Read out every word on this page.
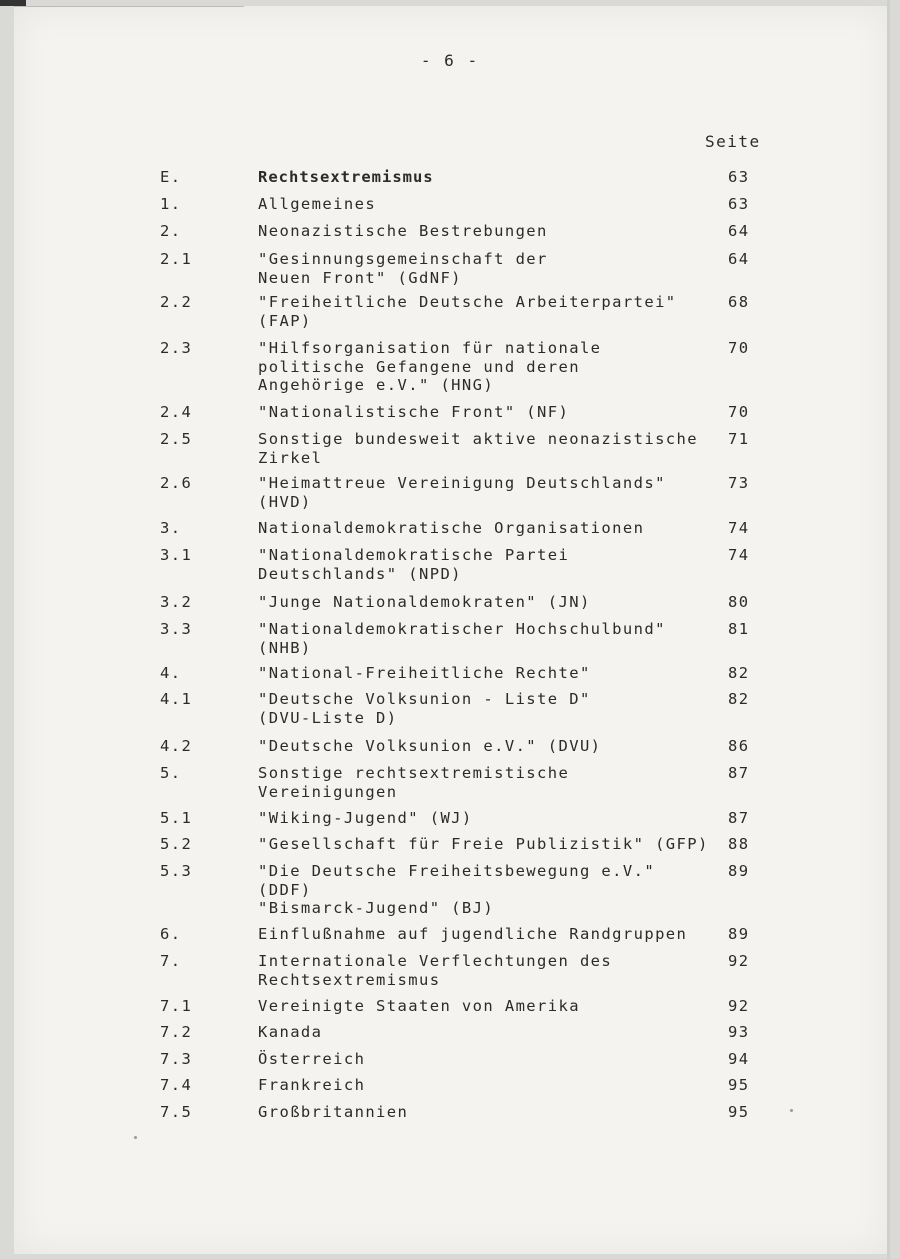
- 6 -
Seite
E.	Rechtsextremismus	63
1.	Allgemeines	63
2.	Neonazistische Bestrebungen	64
2.1	"Gesinnungsgemeinschaft der
Neuen Front" (GdNF)
64
2.2	"Freiheitliche Deutsche Arbeiterpartei"
(FAP)
68
2.3	"Hilfsorganisation für nationale
politische Gefangene und deren
Angehörige e.V." (HNG)
70
2.4	"Nationalistische Front" (NF)	70
2.5	Sonstige bundesweit aktive neonazistische
Zirkel
71
2.6	"Heimattreue Vereinigung Deutschlands"
(HVD)
73
3.	Nationaldemokratische Organisationen	74
3.1	"Nationaldemokratische Partei
Deutschlands" (NPD)
74
3.2	"Junge Nationaldemokraten" (JN)	80
3.3	"Nationaldemokratischer Hochschulbund"
(NHB)
81
4.	"National-Freiheitliche Rechte"	82
4.1	"Deutsche Volksunion - Liste D"
(DVU-Liste D)
82
4.2	"Deutsche Volksunion e.V." (DVU)	86
5.	Sonstige rechtsextremistische
Vereinigungen
87
5.1	"Wiking-Jugend" (WJ)	87
5.2	"Gesellschaft für Freie Publizistik" (GFP) 88
5.3	"Die Deutsche Freiheitsbewegung e.V."
(DDF)
"Bismarck-Jugend" (BJ)
89
6.	Einflußnahme auf jugendliche Randgruppen	89
7.	Internationale Verflechtungen des
Rechtsextremismus
92
7.1	Vereinigte Staaten von Amerika	92
7.2	Kanada	93
7.3	Österreich	94
7.4	Frankreich	95
7.5	Großbritannien	95
